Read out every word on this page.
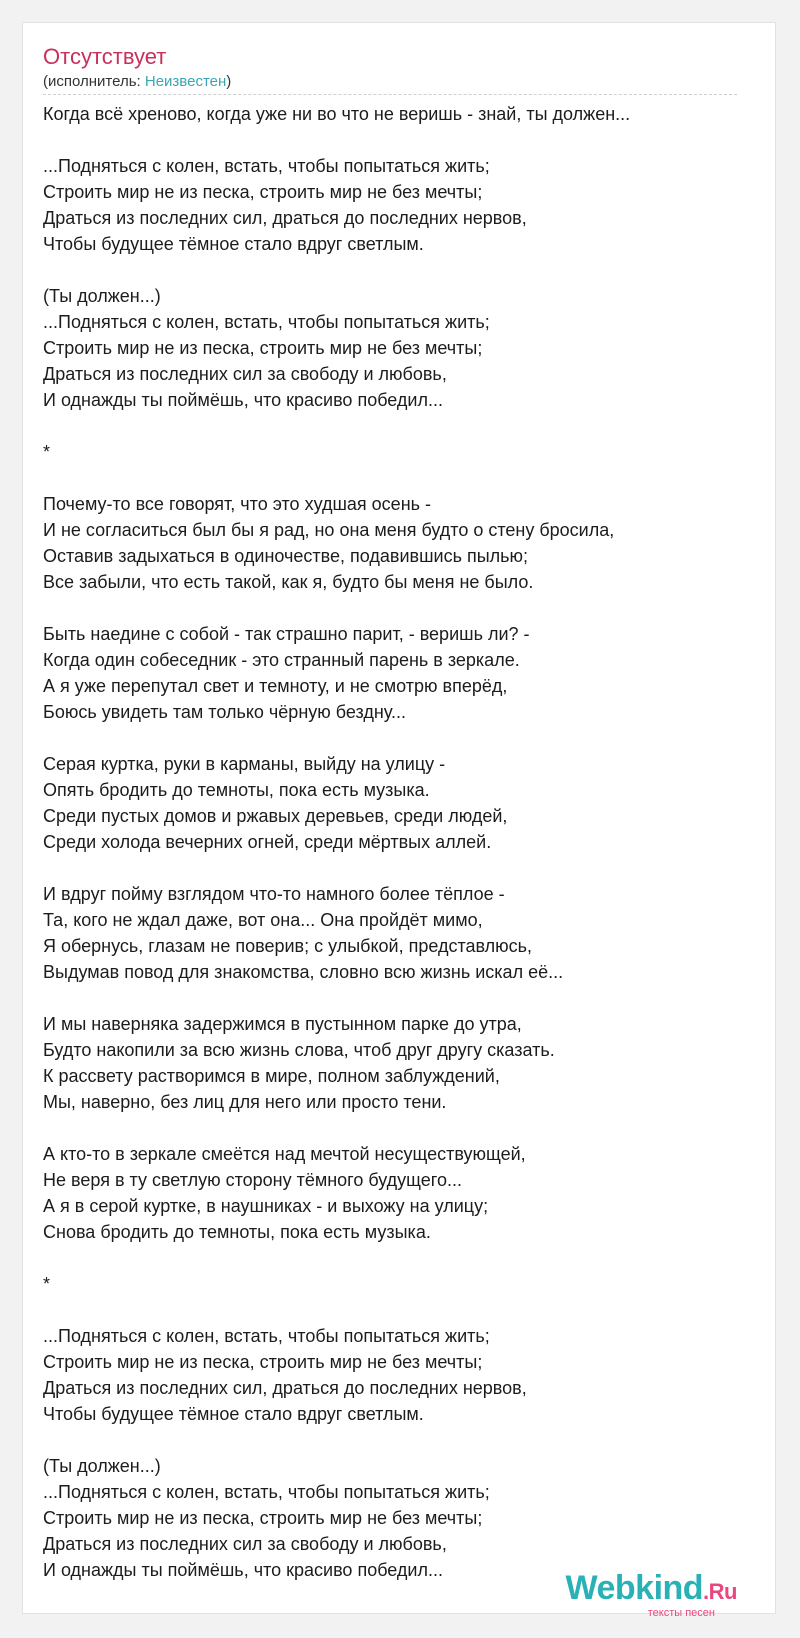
Отсутствует
(исполнитель: Неизвестен)
Когда всё хреново, когда уже ни во что не веришь - знай, ты должен...
...Подняться с колен, встать, чтобы попытаться жить;
Строить мир не из песка, строить мир не без мечты;
Драться из последних сил, драться до последних нервов,
Чтобы будущее тёмное стало вдруг светлым.
(Ты должен...)
...Подняться с колен, встать, чтобы попытаться жить;
Строить мир не из песка, строить мир не без мечты;
Драться из последних сил за свободу и любовь,
И однажды ты поймёшь, что красиво победил...
*
Почему-то все говорят, что это худшая осень -
И не согласиться был бы я рад, но она меня будто о стену бросила,
Оставив задыхаться в одиночестве, подавившись пылью;
Все забыли, что есть такой, как я, будто бы меня не было.
Быть наедине с собой - так страшно парит, - веришь ли? -
Когда один собеседник - это странный парень в зеркале.
А я уже перепутал свет и темноту, и не смотрю вперёд,
Боюсь увидеть там только чёрную бездну...
Серая куртка, руки в карманы, выйду на улицу -
Опять бродить до темноты, пока есть музыка.
Среди пустых домов и ржавых деревьев, среди людей,
Среди холода вечерних огней, среди мёртвых аллей.
И вдруг пойму взглядом что-то намного более тёплое -
Та, кого не ждал даже, вот она... Она пройдёт мимо,
Я обернусь, глазам не поверив; с улыбкой, представлюсь,
Выдумав повод для знакомства, словно всю жизнь искал её...
И мы наверняка задержимся в пустынном парке до утра,
Будто накопили за всю жизнь слова, чтоб друг другу сказать.
К рассвету растворимся в мире, полном заблуждений,
Мы, наверно, без лиц для него или просто тени.
А кто-то в зеркале смеётся над мечтой несуществующей,
Не веря в ту светлую сторону тёмного будущего...
А я в серой куртке, в наушниках - и выхожу на улицу;
Снова бродить до темноты, пока есть музыка.
*
...Подняться с колен, встать, чтобы попытаться жить;
Строить мир не из песка, строить мир не без мечты;
Драться из последних сил, драться до последних нервов,
Чтобы будущее тёмное стало вдруг светлым.
(Ты должен...)
...Подняться с колен, встать, чтобы попытаться жить;
Строить мир не из песка, строить мир не без мечты;
Драться из последних сил за свободу и любовь,
И однажды ты поймёшь, что красиво победил...	Webkind.Ru
тексты песен
